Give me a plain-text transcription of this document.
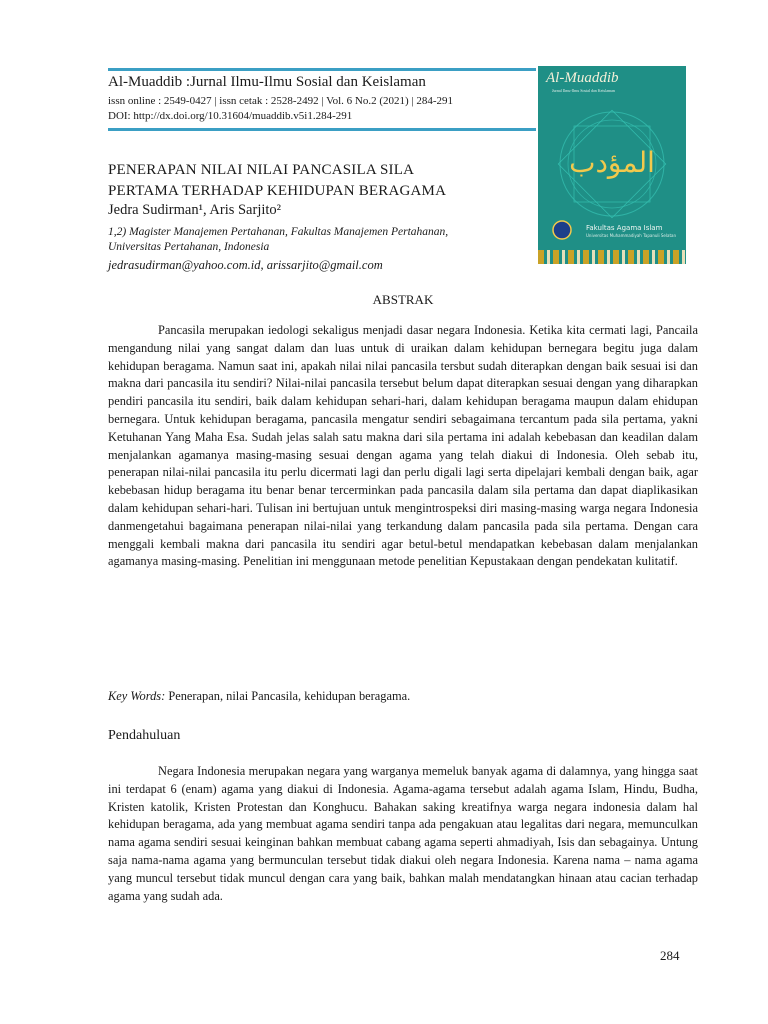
Al-Muaddib :Jurnal Ilmu-Ilmu Sosial dan Keislaman
issn online : 2549-0427 | issn cetak : 2528-2492 | Vol. 6 No.2 (2021) | 284-291
DOI: http://dx.doi.org/10.31604/muaddib.v5i1.284-291
Al-Muaddib
Jurnal Ilmu-Ilmu Sosial dan Keislaman
المؤدب
Fakultas Agama Islam
Universitas Muhammadiyah Tapanuli Selatan
PENERAPAN NILAI NILAI PANCASILA SILA
PERTAMA TERHADAP KEHIDUPAN BERAGAMA
Jedra Sudirman¹, Aris Sarjito²
1,2) Magister Manajemen Pertahanan, Fakultas Manajemen Pertahanan,
Universitas Pertahanan, Indonesia
jedrasudirman@yahoo.com.id, arissarjito@gmail.com
ABSTRAK

Pancasila merupakan iedologi sekaligus menjadi dasar negara Indonesia. Ketika kita cermati lagi, Pancaila mengandung nilai yang sangat dalam dan luas untuk di uraikan dalam kehidupan bernegara begitu juga dalam kehidupan beragama. Namun saat ini, apakah nilai nilai pancasila tersbut sudah diterapkan dengan baik sesuai isi dan makna dari pancasila itu sendiri? Nilai-nilai pancasila tersebut belum dapat diterapkan sesuai dengan yang diharapkan pendiri pancasila itu sendiri, baik dalam kehidupan sehari-hari, dalam kehidupan beragama maupun dalam ehidupan bernegara. Untuk kehidupan beragama, pancasila mengatur sendiri sebagaimana tercantum pada sila pertama, yakni Ketuhanan Yang Maha Esa. Sudah jelas salah satu makna dari sila pertama ini adalah kebebasan dan keadilan dalam menjalankan agamanya masing-masing sesuai dengan agama yang telah diakui di Indonesia. Oleh sebab itu, penerapan nilai-nilai pancasila itu perlu dicermati lagi dan perlu digali lagi serta dipelajari kembali dengan baik, agar kebebasan hidup beragama itu benar benar tercerminkan pada pancasila dalam sila pertama dan dapat diaplikasikan dalam kehidupan sehari-hari. Tulisan ini bertujuan untuk mengintrospeksi diri masing-masing warga negara Indonesia danmengetahui bagaimana penerapan nilai-nilai yang terkandung dalam pancasila pada sila pertama. Dengan cara menggali kembali makna dari pancasila itu sendiri agar betul-betul mendapatkan kebebasan dalam menjalankan agamanya masing-masing. Penelitian ini menggunaan metode penelitian Kepustakaan dengan pendekatan kulitatif.

Key Words: Penerapan, nilai Pancasila, kehidupan beragama.
Pendahuluan

Negara Indonesia merupakan negara yang warganya memeluk banyak agama di dalamnya, yang hingga saat ini terdapat 6 (enam) agama yang diakui di Indonesia. Agama-agama tersebut adalah agama Islam, Hindu, Budha, Kristen katolik, Kristen Protestan dan Konghucu. Bahakan saking kreatifnya warga negara indonesia dalam hal kehidupan beragama, ada yang membuat agama sendiri tanpa ada pengakuan atau legalitas dari negara, memunculkan nama agama sendiri sesuai keinginan bahkan membuat cabang agama seperti ahmadiyah, Isis dan sebagainya. Untung saja nama-nama agama yang bermunculan tersebut tidak diakui oleh negara Indonesia. Karena nama – nama agama yang muncul tersebut tidak muncul dengan cara yang baik, bahkan malah mendatangkan hinaan atau cacian terhadap agama yang sudah ada.

284
